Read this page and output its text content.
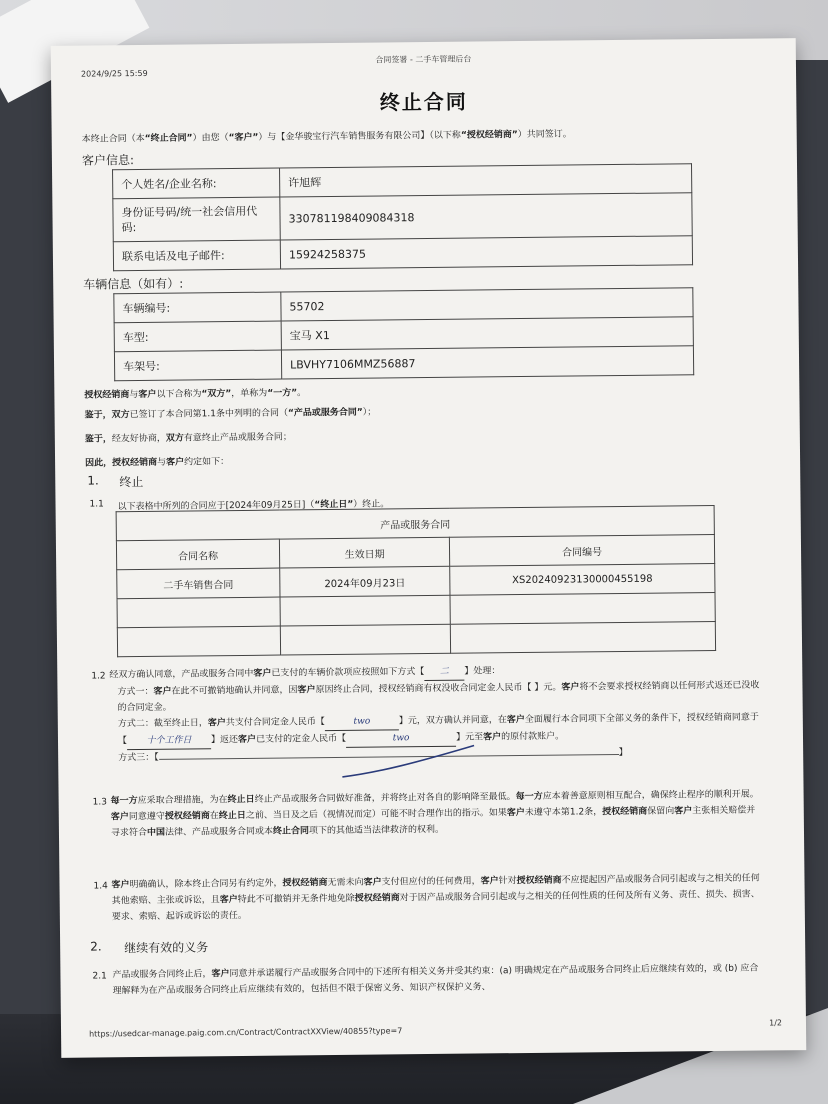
2024/9/25 15:59
合同签署 - 二手车管理后台
终止合同
本终止合同（本“终止合同”）由您（“客户”）与【金华骏宝行汽车销售服务有限公司】（以下称“授权经销商”）共同签订。
客户信息:
个人姓名/企业名称:	许旭辉
身份证号码/统一社会信用代码:	330781198409084318
联系电话及电子邮件:	15924258375
车辆信息（如有）:
车辆编号:	55702
车型:	宝马 X1
车架号:	LBVHY7106MMZ56887
授权经销商与客户以下合称为“双方”，单称为“一方”。
鉴于，双方已签订了本合同第1.1条中列明的合同（“产品或服务合同”）；
鉴于，经友好协商，双方有意终止产品或服务合同；
因此，授权经销商与客户约定如下：
1. 终止
1.1 以下表格中所列的合同应于[2024年09月25日]（“终止日”）终止。
产品或服务合同		
合同名称	生效日期	合同编号
二手车销售合同	2024年09月23日	XS20240923130000455198

1.2 经双方确认同意，产品或服务合同中客户已支付的车辆价款项应按照如下方式【 二 】处理：
方式一：客户在此不可撤销地确认并同意，因客户原因终止合同，授权经销商有权没收合同定金人民币【 】元。客户将不会要求授权经销商以任何形式返还已没收的合同定金。
方式二：截至终止日，客户共支付合同定金人民币【	two	】元，双方确认并同意，在客户全面履行本合同项下全部义务的条件下，授权经销商同意于【 十个工作日 】返还客户已支付的定金人民币【	two	】元至客户的原付款账户。
方式三：【	】
1.3 每一方应采取合理措施，为在终止日终止产品或服务合同做好准备，并将终止对各自的影响降至最低。每一方应本着善意原则相互配合，确保终止程序的顺利开展。客户同意遵守授权经销商在终止日之前、当日及之后（视情况而定）可能不时合理作出的指示。如果客户未遵守本第1.2条，授权经销商保留向客户主张相关赔偿并寻求符合中国法律、产品或服务合同或本终止合同项下的其他适当法律救济的权利。
1.4 客户明确确认，除本终止合同另有约定外，授权经销商无需未向客户支付但应付的任何费用，客户针对授权经销商不应提起因产品或服务合同引起或与之相关的任何其他索赔、主张或诉讼，且客户特此不可撤销并无条件地免除授权经销商对于因产品或服务合同引起或与之相关的任何性质的任何及所有义务、责任、损失、损害、要求、索赔、起诉或诉讼的责任。
2. 继续有效的义务
2.1 产品或服务合同终止后，客户同意并承诺履行产品或服务合同中的下述所有相关义务并受其约束：(a) 明确规定在产品或服务合同终止后应继续有效的，或 (b) 应合理解释为在产品或服务合同终止后应继续有效的，包括但不限于保密义务、知识产权保护义务、
https://usedcar-manage.paig.com.cn/Contract/ContractXXView/40855?type=7
1/2
